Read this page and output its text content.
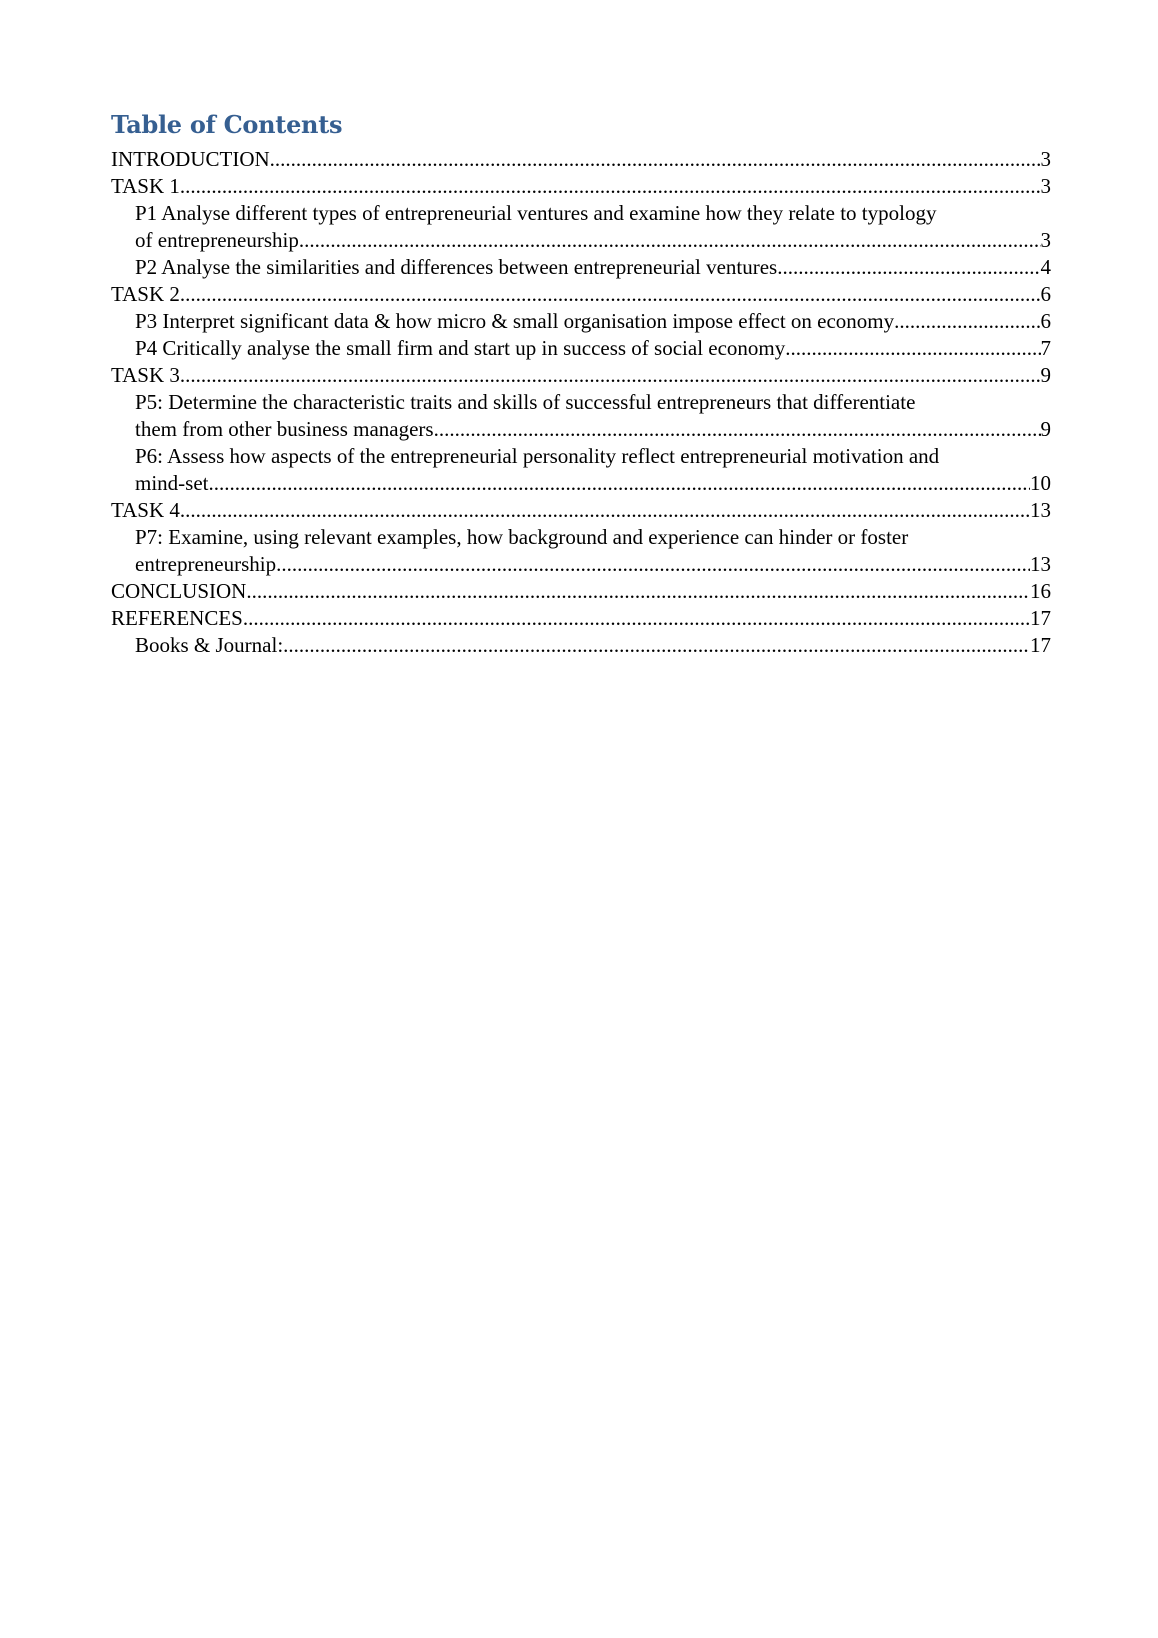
Table of Contents
INTRODUCTION .....	3
TASK 1 .....	3
P1 Analyse different types of entrepreneurial ventures and examine how they relate to typology
of entrepreneurship .....	3
P2 Analyse the similarities and differences between entrepreneurial ventures .....	4
TASK 2 .....	6
P3 Interpret significant data & how micro & small organisation impose effect on economy .....	6
P4 Critically analyse the small firm and start up in success of social economy .....	7
TASK 3 .....	9
P5: Determine the characteristic traits and skills of successful entrepreneurs that differentiate
them from other business managers .....	9
P6: Assess how aspects of the entrepreneurial personality reflect entrepreneurial motivation and
mind-set .....	10
TASK 4 .....	13
P7: Examine, using relevant examples, how background and experience can hinder or foster
entrepreneurship .....	13
CONCLUSION .....	16
REFERENCES .....	17
Books & Journal: .....	17
